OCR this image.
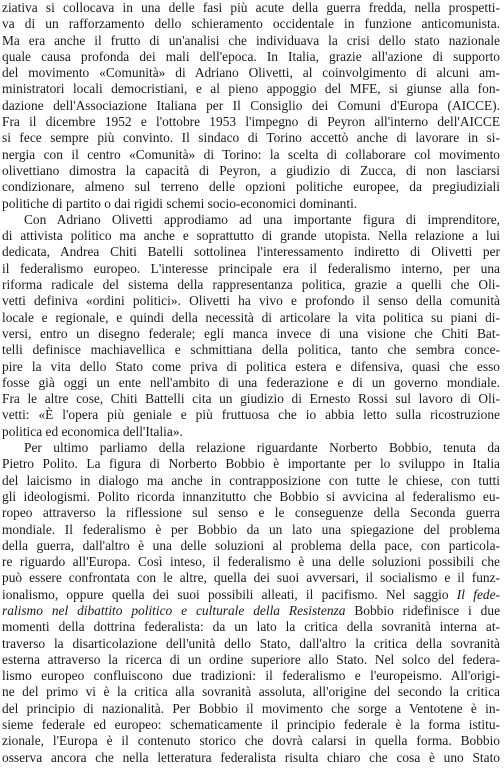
ziativa si collocava in una delle fasi più acute della guerra fredda, nella prospetti-
va di un rafforzamento dello schieramento occidentale in funzione anticomunista.
Ma era anche il frutto di un'analisi che individuava la crisi dello stato nazionale
quale causa profonda dei mali dell'epoca. In Italia, grazie all'azione di supporto
del movimento «Comunità» di Adriano Olivetti, al coinvolgimento di alcuni am-
ministratori locali democristiani, e al pieno appoggio del MFE, si giunse alla fon-
dazione dell'Associazione Italiana per Il Consiglio dei Comuni d'Europa (AICCE).
Fra il dicembre 1952 e l'ottobre 1953 l'impegno di Peyron all'interno dell'AICCE
si fece sempre più convinto. Il sindaco di Torino accettò anche di lavorare in si-
nergia con il centro «Comunità» di Torino: la scelta di collaborare col movimento
olivettiano dimostra la capacità di Peyron, a giudizio di Zucca, di non lasciarsi
condizionare, almeno sul terreno delle opzioni politiche europee, da pregiudiziali
politiche di partito o dai rigidi schemi socio-economici dominanti.
Con Adriano Olivetti approdiamo ad una importante figura di imprenditore,
di attivista politico ma anche e soprattutto di grande utopista. Nella relazione a lui
dedicata, Andrea Chiti Batelli sottolinea l'interessamento indiretto di Olivetti per
il federalismo europeo. L'interesse principale era il federalismo interno, per una
riforma radicale del sistema della rappresentanza politica, grazie a quelli che Oli-
vetti definiva «ordini politici». Olivetti ha vivo e profondo il senso della comunità
locale e regionale, e quindi della necessità di articolare la vita politica su piani di-
versi, entro un disegno federale; egli manca invece di una visione che Chiti Bat-
telli definisce machiavellica e schmittiana della politica, tanto che sembra conce-
pire la vita dello Stato come priva di politica estera e difensiva, quasi che esso
fosse già oggi un ente nell'ambito di una federazione e di un governo mondiale.
Fra le altre cose, Chiti Battelli cita un giudizio di Ernesto Rossi sul lavoro di Oli-
vetti: «È l'opera più geniale e più fruttuosa che io abbia letto sulla ricostruzione
politica ed economica dell'Italia».
Per ultimo parliamo della relazione riguardante Norberto Bobbio, tenuta da
Pietro Polito. La figura di Norberto Bobbio è importante per lo sviluppo in Italia
del laicismo in dialogo ma anche in contrapposizione con tutte le chiese, con tutti
gli ideologismi. Polito ricorda innanzitutto che Bobbio si avvicina al federalismo eu-
ropeo attraverso la riflessione sul senso e le conseguenze della Seconda guerra
mondiale. Il federalismo è per Bobbio da un lato una spiegazione del problema
della guerra, dall'altro è una delle soluzioni al problema della pace, con particola-
re riguardo all'Europa. Così inteso, il federalismo è una delle soluzioni possibili che
può essere confrontata con le altre, quella dei suoi avversari, il socialismo e il funz-
ionalismo, oppure quella dei suoi possibili alleati, il pacifismo. Nel saggio Il fede-
ralismo nel dibattito politico e culturale della Resistenza Bobbio ridefinisce i due
momenti della dottrina federalista: da un lato la critica della sovranità interna at-
traverso la disarticolazione dell'unità dello Stato, dall'altro la critica della sovranità
esterna attraverso la ricerca di un ordine superiore allo Stato. Nel solco del federa-
lismo europeo confluiscono due tradizioni: il federalismo e l'europeismo. All'origi-
ne del primo vi è la critica alla sovranità assoluta, all'origine del secondo la critica
del principio di nazionalità. Per Bobbio il movimento che sorge a Ventotene è in-
sieme federale ed europeo: schematicamente il principio federale è la forma istitu-
zionale, l'Europa è il contenuto storico che dovrà calarsi in quella forma. Bobbio
osserva ancora che nella letteratura federalista risulta chiaro che cosa è uno Stato
